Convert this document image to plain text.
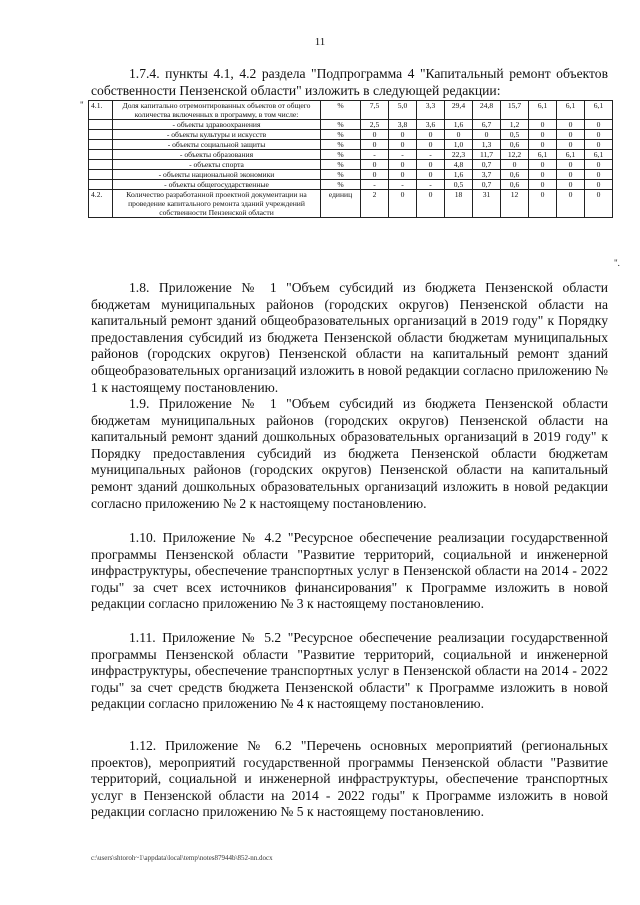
11

1.7.4. пункты 4.1, 4.2 раздела "Подпрограмма 4 "Капитальный ремонт объектов собственности Пензенской области" изложить в следующей редакции:

" 4.1.	Доля капитально отремонтированных объектов от общего количества включенных в программу, в том числе:	%	7,5	5,0	3,3	29,4	24,8	15,7	6,1	6,1	6,1
	- объекты здравоохранения	%	2,5	3,8	3,6	1,6	6,7	1,2	0	0	0
	- объекты культуры и искусств	%	0	0	0	0	0	0,5	0	0	0
	- объекты социальной защиты	%	0	0	0	1,0	1,3	0,6	0	0	0
	- объекты образования	%	-	-	-	22,3	11,7	12,2	6,1	6,1	6,1
	- объекты спорта	%	0	0	0	4,8	0,7	0	0	0	0
	- объекты национальной экономики	%	0	0	0	1,6	3,7	0,6	0	0	0
	- объекты общегосударственные	%	-	-	-	0,5	0,7	0,6	0	0	0
4.2.	Количество разработанной проектной документации на проведение капитального ремонта зданий учреждений собственности Пензенской области	единиц	2	0	0	18	31	12	0	0	0
".

1.8. Приложение № 1 "Объем субсидий из бюджета Пензенской области бюджетам муниципальных районов (городских округов) Пензенской области на капитальный ремонт зданий общеобразовательных организаций в 2019 году" к Порядку предоставления субсидий из бюджета Пензенской области бюджетам муниципальных районов (городских округов) Пензенской области на капитальный ремонт зданий общеобразовательных организаций изложить в новой редакции согласно приложению № 1 к настоящему постановлению.

1.9. Приложение № 1 "Объем субсидий из бюджета Пензенской области бюджетам муниципальных районов (городских округов) Пензенской области на капитальный ремонт зданий дошкольных образовательных организаций в 2019 году" к Порядку предоставления субсидий из бюджета Пензенской области бюджетам муниципальных районов (городских округов) Пензенской области на капитальный ремонт зданий дошкольных образовательных организаций изложить в новой редакции согласно приложению № 2 к настоящему постановлению.

1.10. Приложение № 4.2 "Ресурсное обеспечение реализации государственной программы Пензенской области "Развитие территорий, социальной и инженерной инфраструктуры, обеспечение транспортных услуг в Пензенской области на 2014 - 2022 годы" за счет всех источников финансирования" к Программе изложить в новой редакции согласно приложению № 3 к настоящему постановлению.

1.11. Приложение № 5.2 "Ресурсное обеспечение реализации государственной программы Пензенской области "Развитие территорий, социальной и инженерной инфраструктуры, обеспечение транспортных услуг в Пензенской области на 2014 - 2022 годы" за счет средств бюджета Пензенской области" к Программе изложить в новой редакции согласно приложению № 4 к настоящему постановлению.

1.12. Приложение № 6.2 "Перечень основных мероприятий (региональных проектов), мероприятий государственной программы Пензенской области "Развитие территорий, социальной и инженерной инфраструктуры, обеспечение транспортных услуг в Пензенской области на 2014 - 2022 годы" к Программе изложить в новой редакции согласно приложению № 5 к настоящему постановлению.

c:\users\shtoroh~1\appdata\local\temp\notes87944b\852-nn.docx
